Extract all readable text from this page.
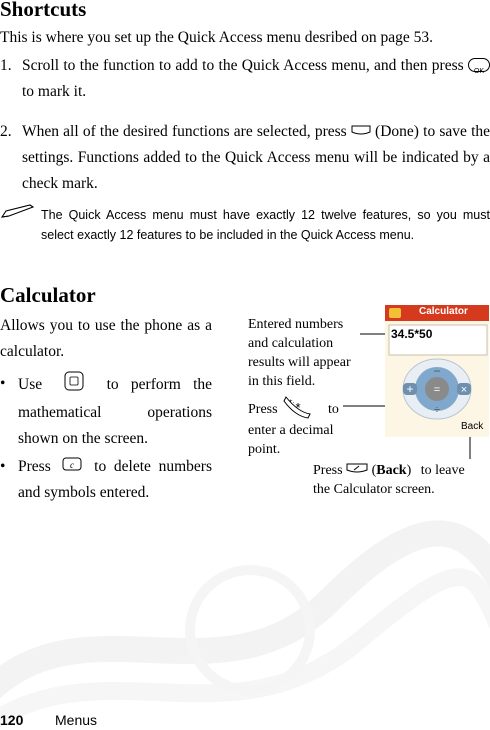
Shortcuts
This is where you set up the Quick Access menu desribed on page 53.
1. Scroll to the function to add to the Quick Access menu, and then press OK
to mark it.
2. When all of the desired functions are selected, press  (Done) to save the settings. Functions added to the Quick Access menu will be indicated by a check mark.
The Quick Access menu must have exactly 12 twelve features, so you must select exactly 12 features to be included in the Quick Access menu.
Calculator
Allows you to use the phone as a calculator.
• Use	to perform the mathematical operations shown on the screen.
• Press c to delete numbers and symbols entered.
Entered numbers and calculation results will appear in this field.
Press *
+. to
enter a decimal point.
Press  (Back) to leave
the Calculator screen.
+	×
−
=
÷
Calculator
34.5*50
Back
120 Menus
